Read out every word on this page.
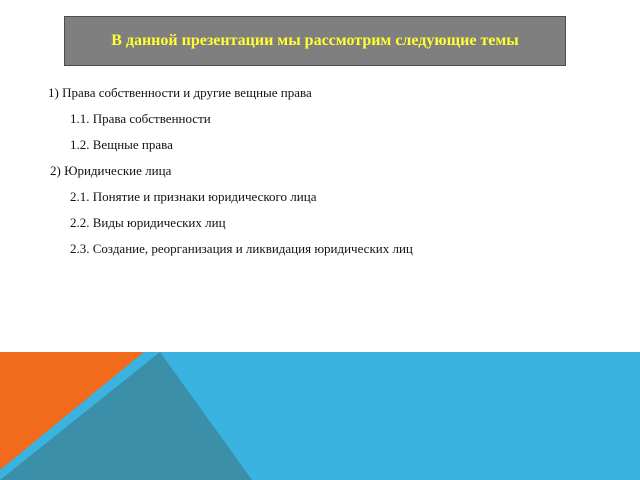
В данной презентации мы рассмотрим следующие темы
1) Права собственности и другие вещные права
1.1. Права собственности
1.2. Вещные права
2) Юридические лица
2.1. Понятие и признаки юридического лица
2.2. Виды юридических лиц
2.3. Создание, реорганизация и ликвидация юридических лиц
